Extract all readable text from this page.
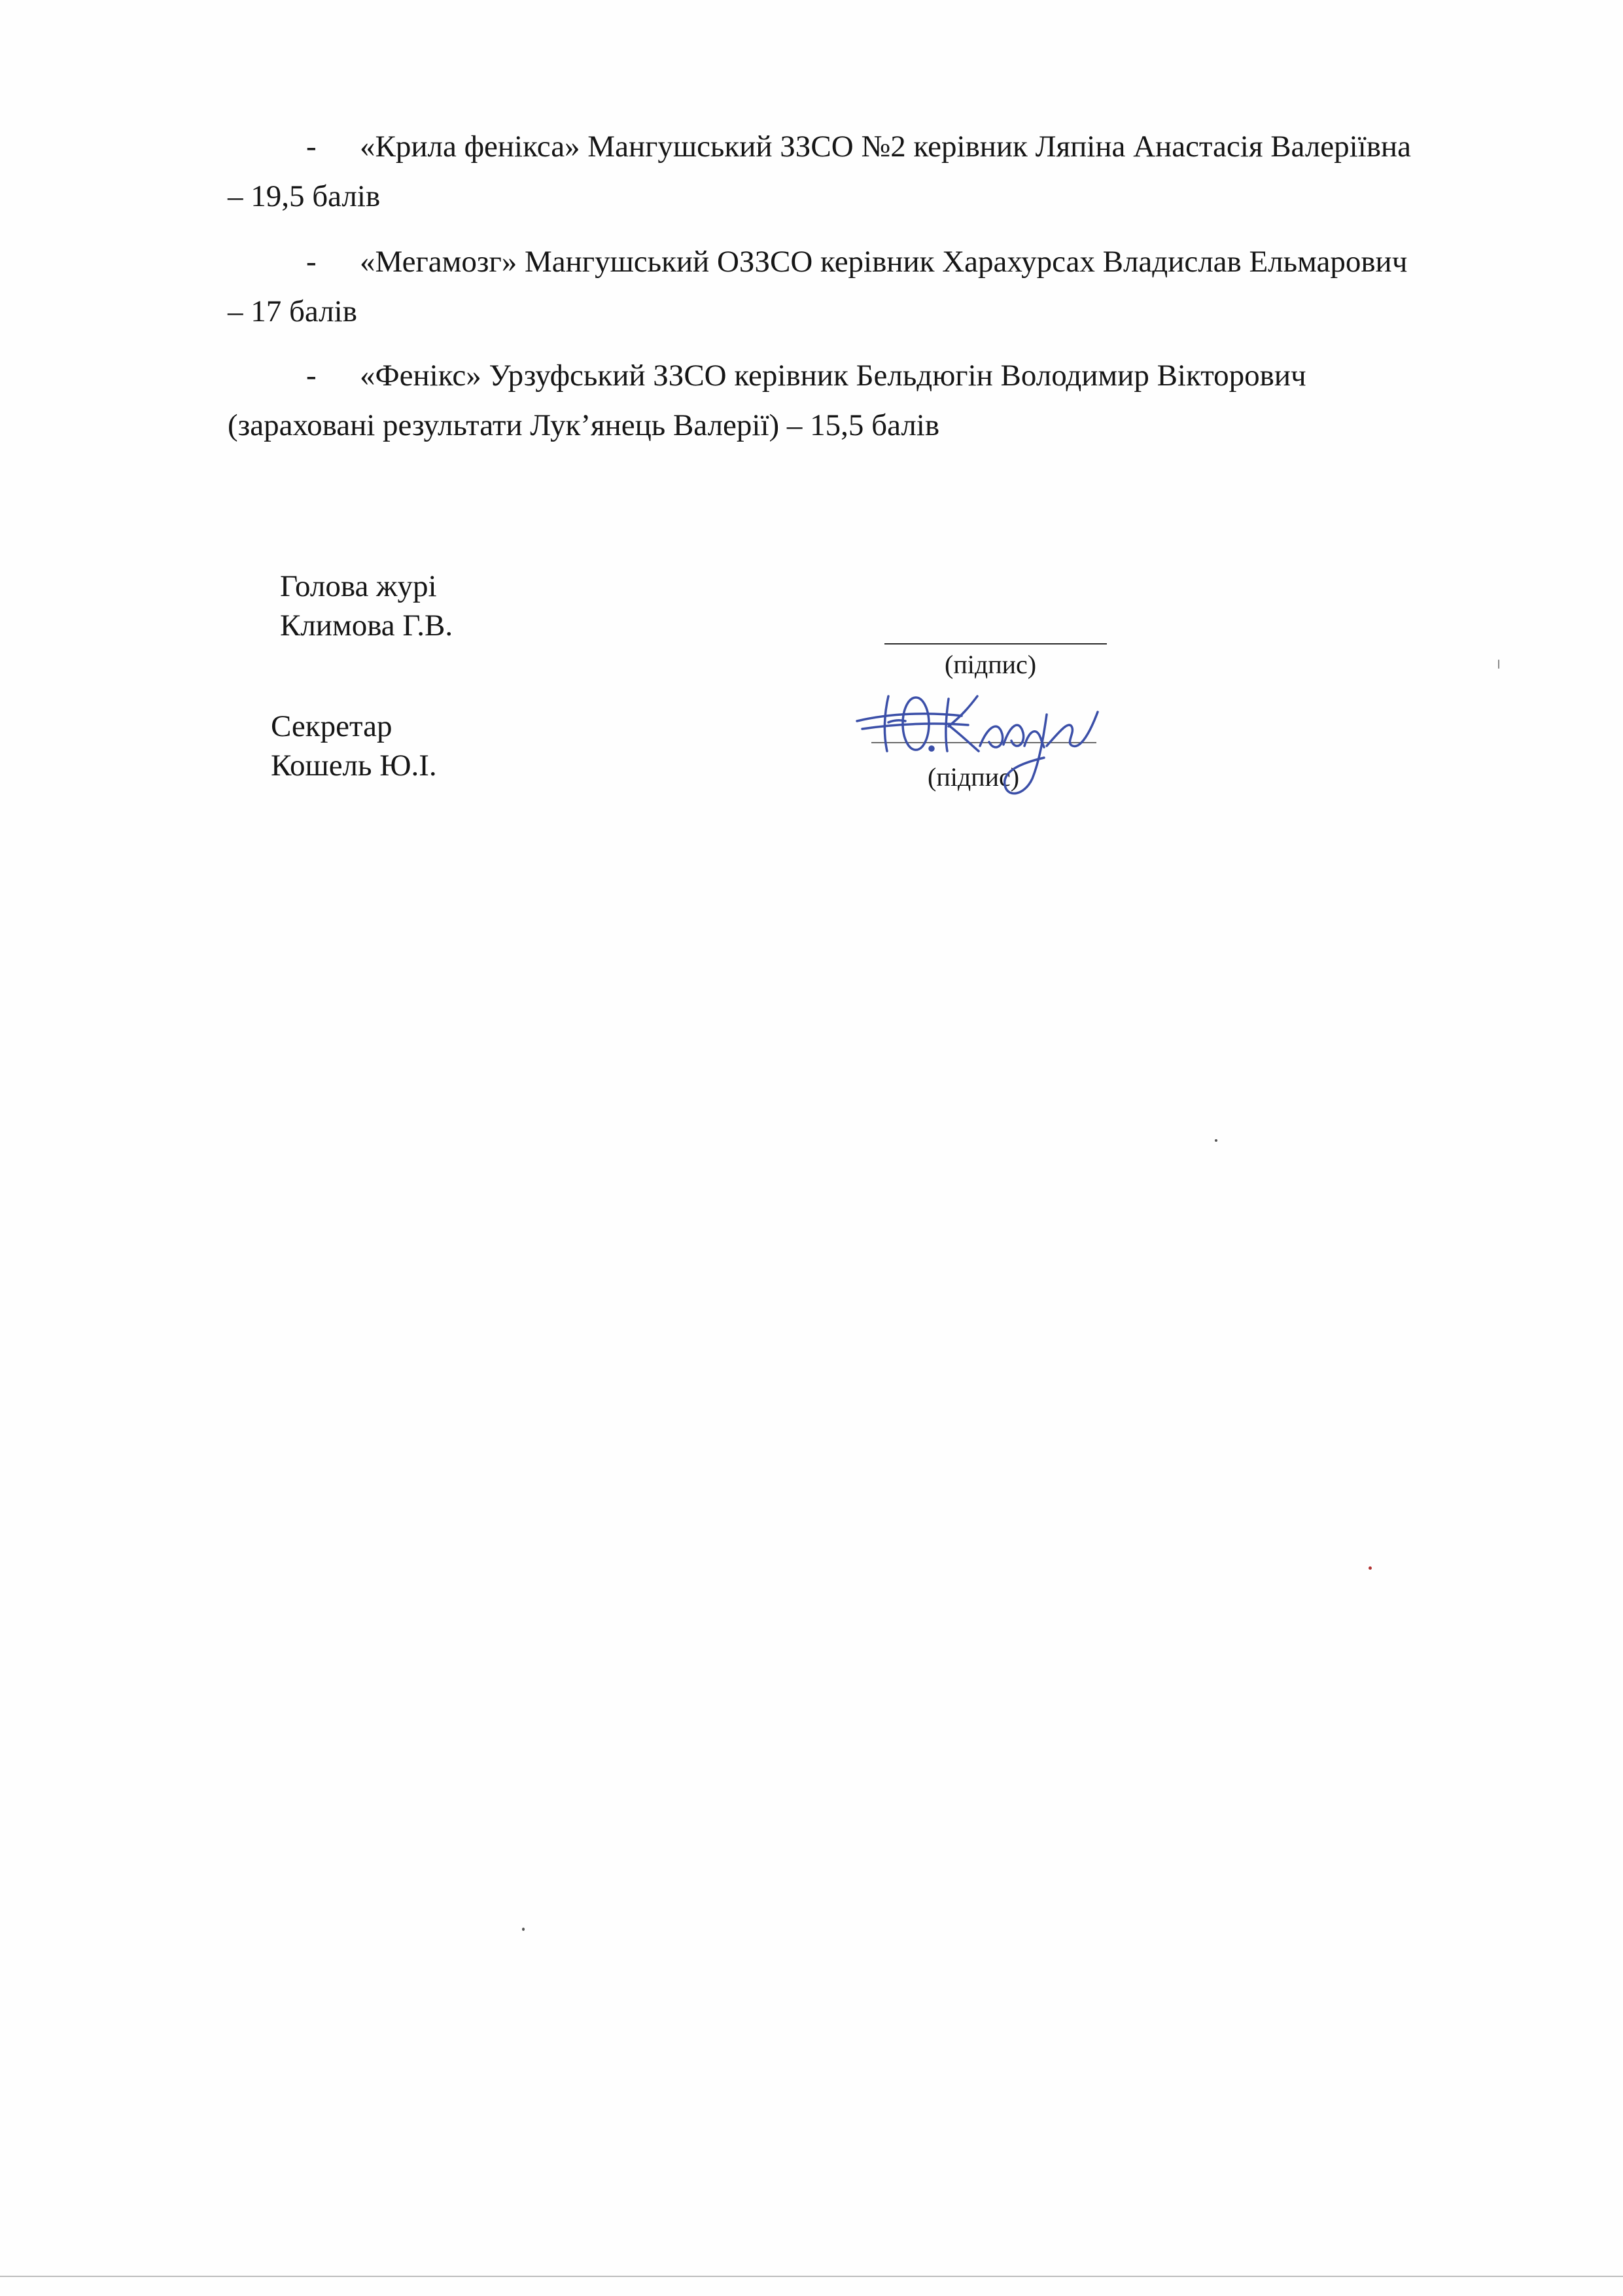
- «Крила фенікса» Мангушський ЗЗСО №2 керівник Ляпіна Анастасія Валеріївна
– 19,5 балів
- «Мегамозг» Мангушський ОЗЗСО керівник Харахурсах Владислав Ельмарович
– 17 балів
- «Фенікс» Урзуфський ЗЗСО керівник Бельдюгін Володимир Вікторович
(зараховані результати Лук’янець Валерії) – 15,5 балів
Голова журі
Климова Г.В.
(підпис)
Секретар
Кошель Ю.І.	(підпис)
